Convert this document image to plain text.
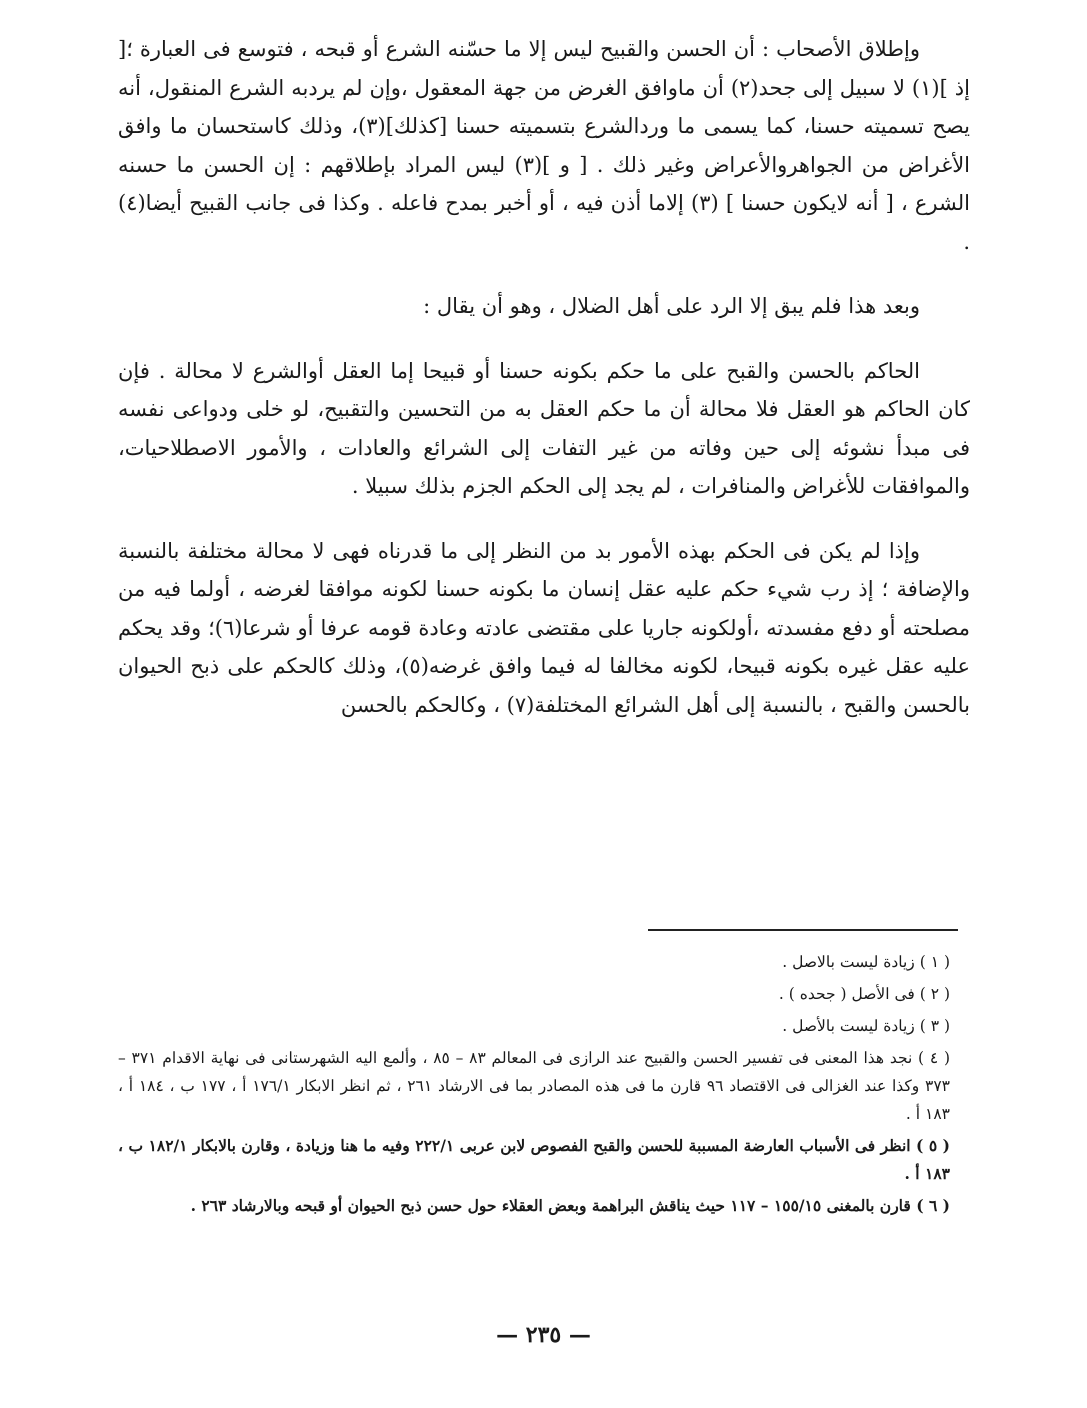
وإطلاق الأصحاب : أن الحسن والقبيح ليس إلا ما حسّنه الشرع أو قبحه ، فتوسع فى العبارة ؛[ إذ ](١) لا سبيل إلى جحد(٢) أن ماوافق الغرض من جهة المعقول ،وإن لم يردبه الشرع المنقول، أنه يصح تسميته حسنا، كما يسمى ما وردالشرع بتسميته حسنا [كذلك](٣)، وذلك كاستحسان ما وافق الأغراض من الجواهروالأعراض وغير ذلك . [ و ](٣) ليس المراد بإطلاقهم : إن الحسن ما حسنه الشرع ، [ أنه لايكون حسنا ] (٣) إلاما أذن فيه ، أو أخبر بمدح فاعله . وكذا فى جانب القبيح أيضا(٤) .

وبعد هذا فلم يبق إلا الرد على أهل الضلال ، وهو أن يقال :

الحاكم بالحسن والقبح على ما حكم بكونه حسنا أو قبيحا إما العقل أوالشرع لا محالة . فإن كان الحاكم هو العقل فلا محالة أن ما حكم العقل به من التحسين والتقبيح، لو خلى ودواعى نفسه فى مبدأ نشوئه إلى حين وفاته من غير التفات إلى الشرائع والعادات ، والأمور الاصطلاحيات، والموافقات للأغراض والمنافرات ، لم يجد إلى الحكم الجزم بذلك سبيلا .

وإذا لم يكن فى الحكم بهذه الأمور بد من النظر إلى ما قدرناه فهى لا محالة مختلفة بالنسبة والإضافة ؛ إذ رب شيء حكم عليه عقل إنسان ما بكونه حسنا لكونه موافقا لغرضه ، أولما فيه من مصلحته أو دفع مفسدته ،أولكونه جاريا على مقتضى عادته وعادة قومه عرفا أو شرعا(٦)؛ وقد يحكم عليه عقل غيره بكونه قبيحا، لكونه مخالفا له فيما وافق غرضه(٥)، وذلك كالحكم على ذبح الحيوان بالحسن والقبح ، بالنسبة إلى أهل الشرائع المختلفة(٧) ، وكالحكم بالحسن

( ١ ) زيادة ليست بالاصل .

( ٢ ) فى الأصل ( جحده ) .

( ٣ ) زيادة ليست بالأصل .

( ٤ ) نجد هذا المعنى فى تفسير الحسن والقبيح عند الرازى فى المعالم ٨٣ – ٨٥ ، وألمع اليه الشهرستانى فى نهاية الاقدام ٣٧١ – ٣٧٣ وكذا عند الغزالى فى الاقتصاد ٩٦ قارن ما فى هذه المصادر بما فى الارشاد ٢٦١ ، ثم انظر الابكار ١٧٦/١ أ ، ١٧٧ ب ، ١٨٤ أ ، ١٨٣ أ .

( ٥ ) انظر فى الأسباب العارضة المسببة للحسن والقبح الفصوص لابن عربى ٢٢٢/١ وفيه ما هنا وزيادة ، وقارن بالابكار ١٨٢/١ ب ، ١٨٣ أ .

( ٦ ) قارن بالمغنى ١٥٥/١٥ – ١١٧ حيث يناقش البراهمة وبعض العقلاء حول حسن ذبح الحيوان أو قبحه وبالارشاد ٢٦٣ .

— ٢٣٥ —
